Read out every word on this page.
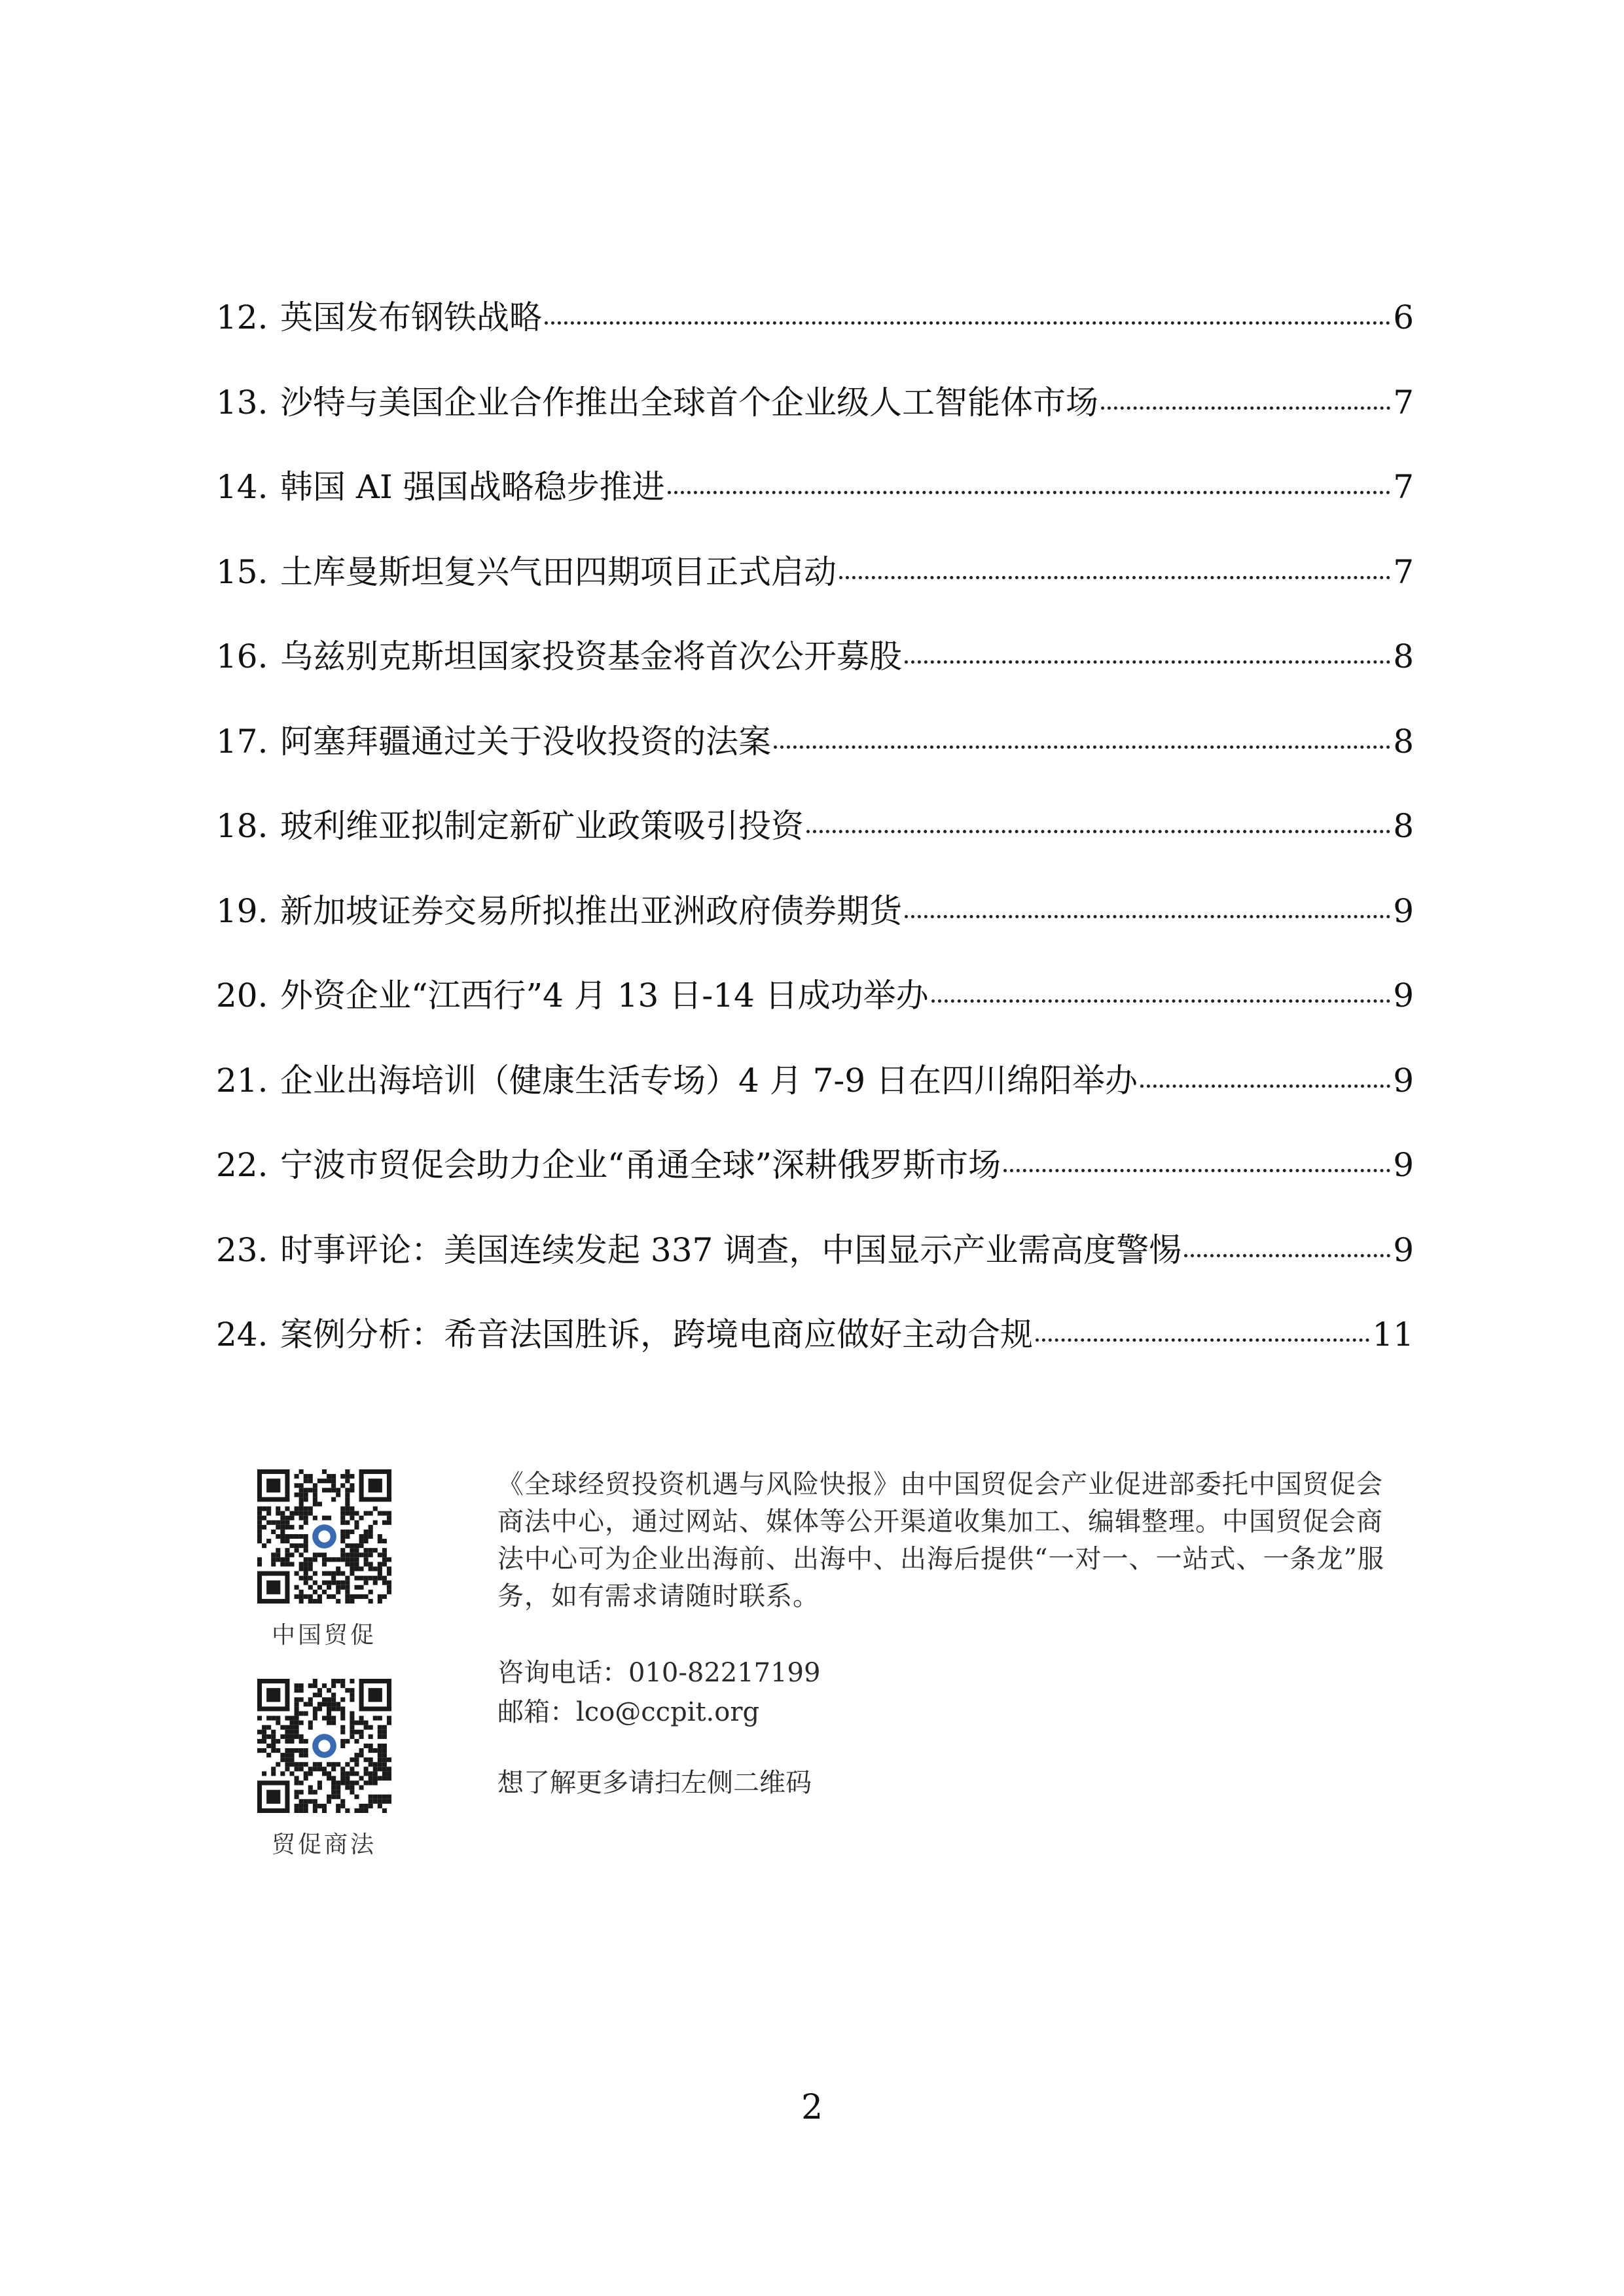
12. 英国发布钢铁战略	6
13. 沙特与美国企业合作推出全球首个企业级人工智能体市场	7
14. 韩国 AI 强国战略稳步推进	7
15. 土库曼斯坦复兴气田四期项目正式启动	7
16. 乌兹别克斯坦国家投资基金将首次公开募股	8
17. 阿塞拜疆通过关于没收投资的法案	8
18. 玻利维亚拟制定新矿业政策吸引投资	8
19. 新加坡证券交易所拟推出亚洲政府债券期货	9
20. 外资企业“江西行”4 月 13 日-14 日成功举办	9
21. 企业出海培训（健康生活专场）4 月 7-9 日在四川绵阳举办	9
22. 宁波市贸促会助力企业“甬通全球”深耕俄罗斯市场	9
23. 时事评论：美国连续发起 337 调查，中国显示产业需高度警惕	9
24. 案例分析：希音法国胜诉，跨境电商应做好主动合规	11
中国贸促
贸促商法

《全球经贸投资机遇与风险快报》由中国贸促会产业促进部委托中国贸促会商法中心，通过网站、媒体等公开渠道收集加工、编辑整理。中国贸促会商法中心可为企业出海前、出海中、出海后提供“一对一、一站式、一条龙”服务，如有需求请随时联系。

咨询电话：010-82217199

邮箱：lco@ccpit.org

想了解更多请扫左侧二维码

2
